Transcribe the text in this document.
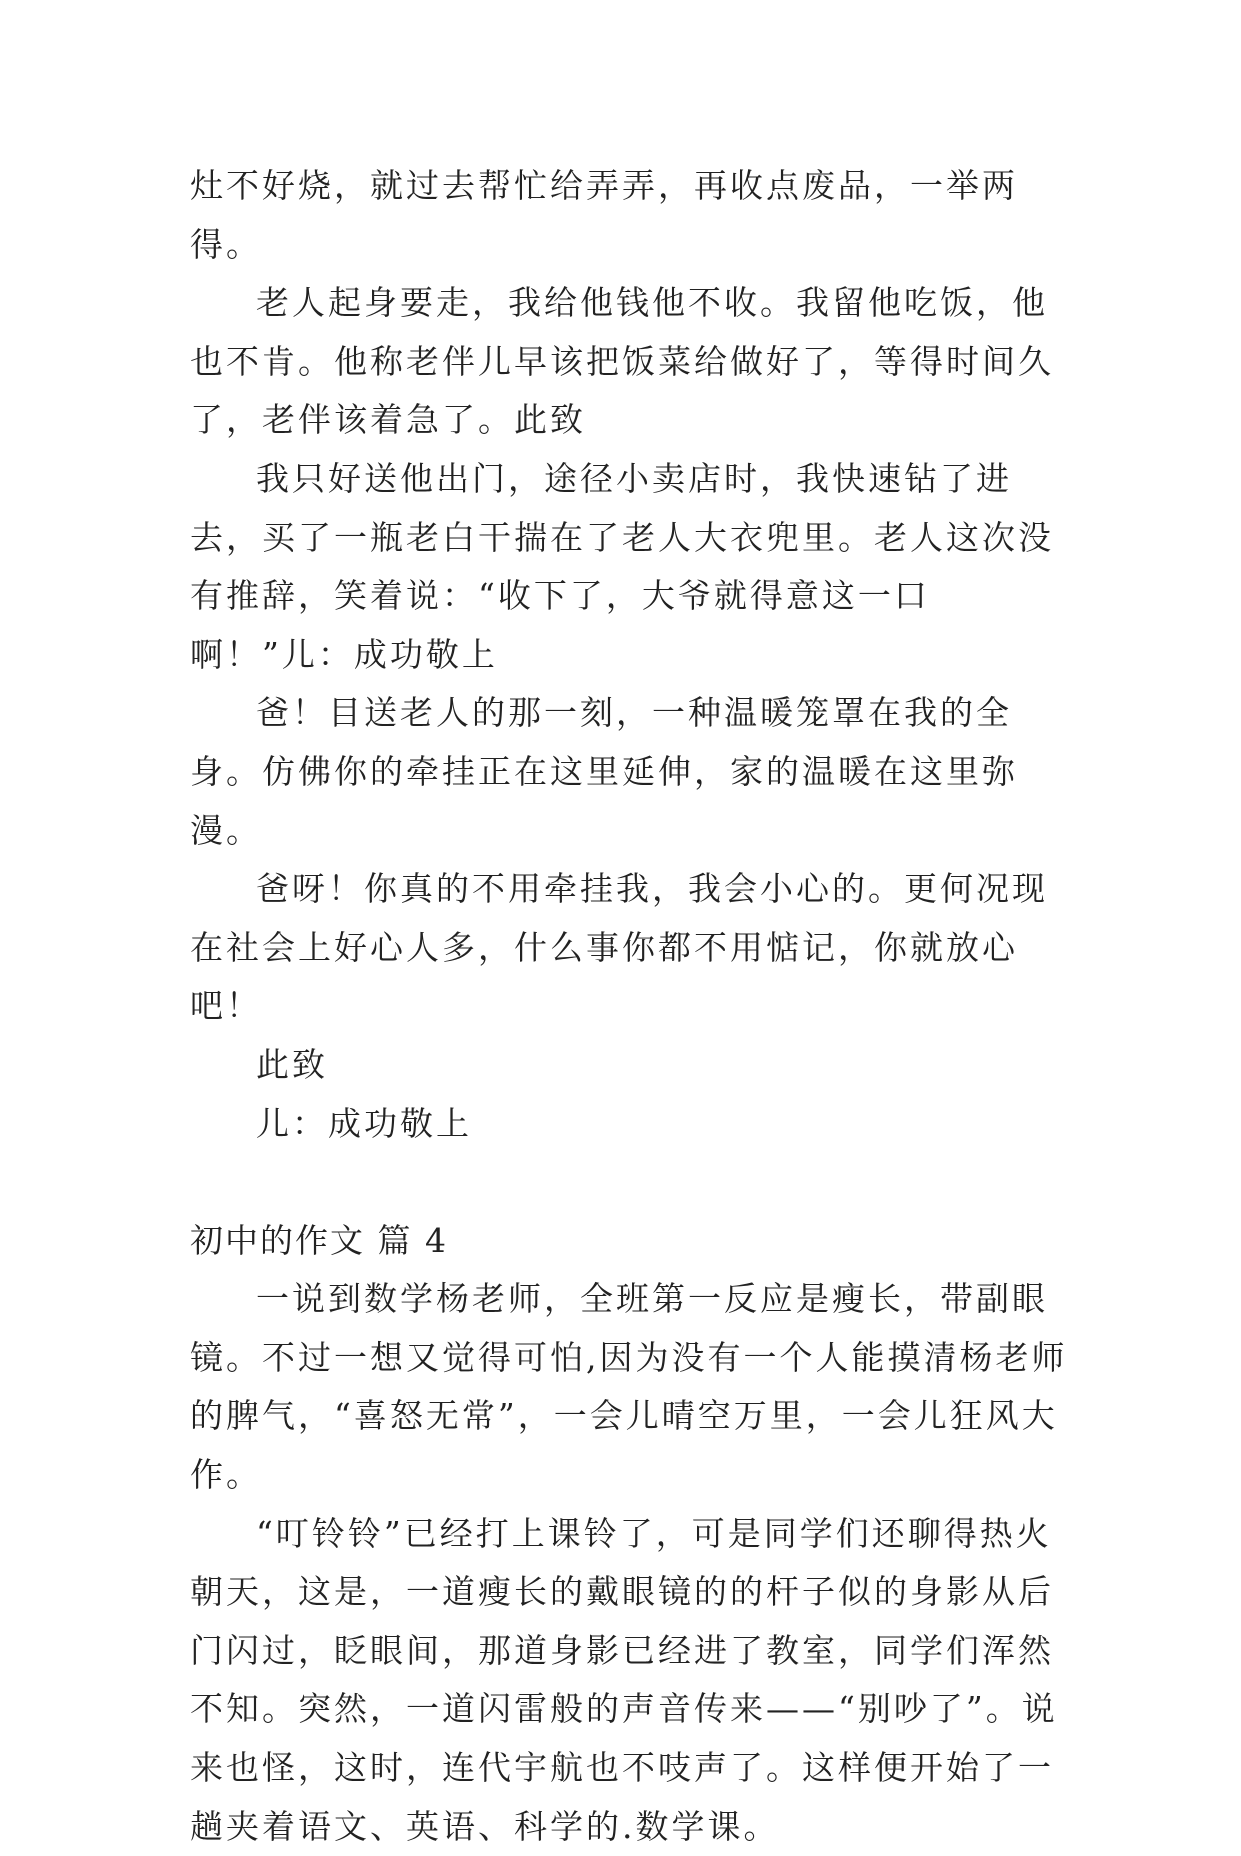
灶不好烧，就过去帮忙给弄弄，再收点废品，一举两得。

老人起身要走，我给他钱他不收。我留他吃饭，他也不肯。他称老伴儿早该把饭菜给做好了，等得时间久了，老伴该着急了。此致

我只好送他出门，途径小卖店时，我快速钻了进去，买了一瓶老白干揣在了老人大衣兜里。老人这次没有推辞，笑着说：“收下了，大爷就得意这一口啊！”儿：成功敬上

爸！目送老人的那一刻，一种温暖笼罩在我的全身。仿佛你的牵挂正在这里延伸，家的温暖在这里弥漫。

爸呀！你真的不用牵挂我，我会小心的。更何况现在社会上好心人多，什么事你都不用惦记，你就放心吧！

此致

儿：成功敬上

初中的作文 篇 4

一说到数学杨老师，全班第一反应是瘦长，带副眼镜。不过一想又觉得可怕,因为没有一个人能摸清杨老师的脾气，“喜怒无常”，一会儿晴空万里，一会儿狂风大作。

“叮铃铃”已经打上课铃了，可是同学们还聊得热火朝天，这是，一道瘦长的戴眼镜的的杆子似的身影从后门闪过，眨眼间，那道身影已经进了教室，同学们浑然不知。突然，一道闪雷般的声音传来——“别吵了”。说来也怪，这时，连代宇航也不吱声了。这样便开始了一趟夹着语文、英语、科学的.数学课。
